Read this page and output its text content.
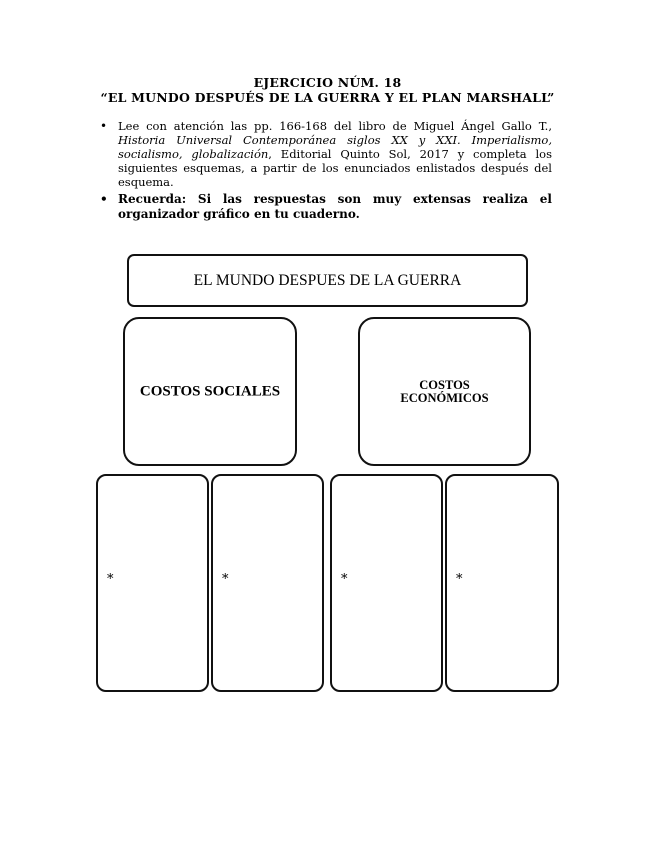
EJERCICIO NÚM. 18
“EL MUNDO DESPUÉS DE LA GUERRA Y EL PLAN MARSHALL”
• Lee con atención las pp. 166-168 del libro de Miguel Ángel Gallo T., Historia Universal Contemporánea siglos XX y XXI. Imperialismo, socialismo, globalización, Editorial Quinto Sol, 2017 y completa los siguientes esquemas, a partir de los enunciados enlistados después del esquema.
• Recuerda: Si las respuestas son muy extensas realiza el organizador gráfico en tu cuaderno.
EL MUNDO DESPUES DE LA GUERRA
COSTOS SOCIALES	COSTOS
ECONÓMICOS
*	*	*	*
